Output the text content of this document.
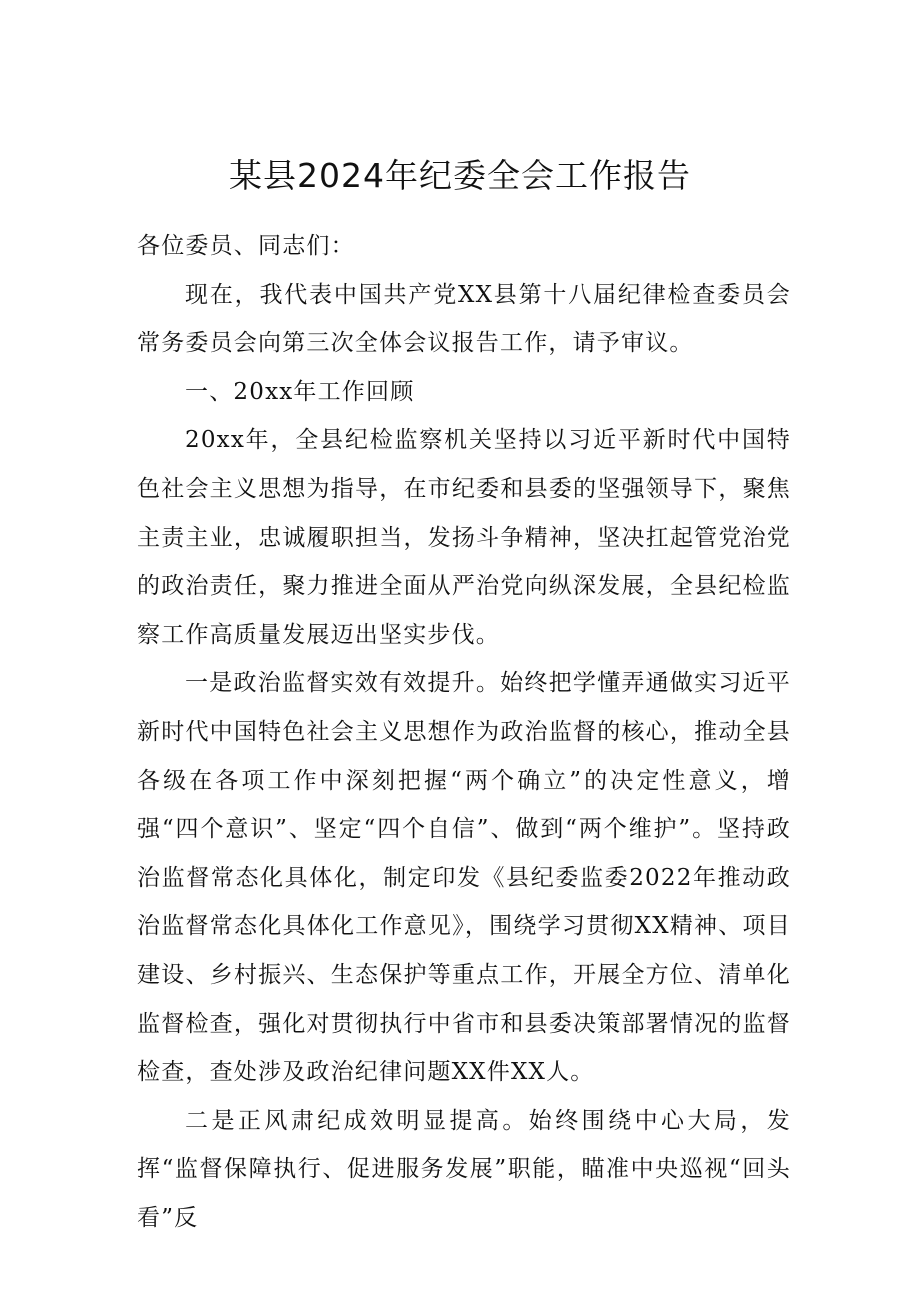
某县2024年纪委全会工作报告

各位委员、同志们：

现在，我代表中国共产党XX县第十八届纪律检查委员会常务委员会向第三次全体会议报告工作，请予审议。

一、20xx年工作回顾

20xx年，全县纪检监察机关坚持以习近平新时代中国特色社会主义思想为指导，在市纪委和县委的坚强领导下，聚焦主责主业，忠诚履职担当，发扬斗争精神，坚决扛起管党治党的政治责任，聚力推进全面从严治党向纵深发展，全县纪检监察工作高质量发展迈出坚实步伐。

一是政治监督实效有效提升。始终把学懂弄通做实习近平新时代中国特色社会主义思想作为政治监督的核心，推动全县各级在各项工作中深刻把握“两个确立”的决定性意义，增强“四个意识”、坚定“四个自信”、做到“两个维护”。坚持政治监督常态化具体化，制定印发《县纪委监委2022年推动政治监督常态化具体化工作意见》，围绕学习贯彻XX精神、项目建设、乡村振兴、生态保护等重点工作，开展全方位、清单化监督检查，强化对贯彻执行中省市和县委决策部署情况的监督检查，查处涉及政治纪律问题XX件XX人。

二是正风肃纪成效明显提高。始终围绕中心大局，发挥“监督保障执行、促进服务发展”职能，瞄准中央巡视“回头看”反
